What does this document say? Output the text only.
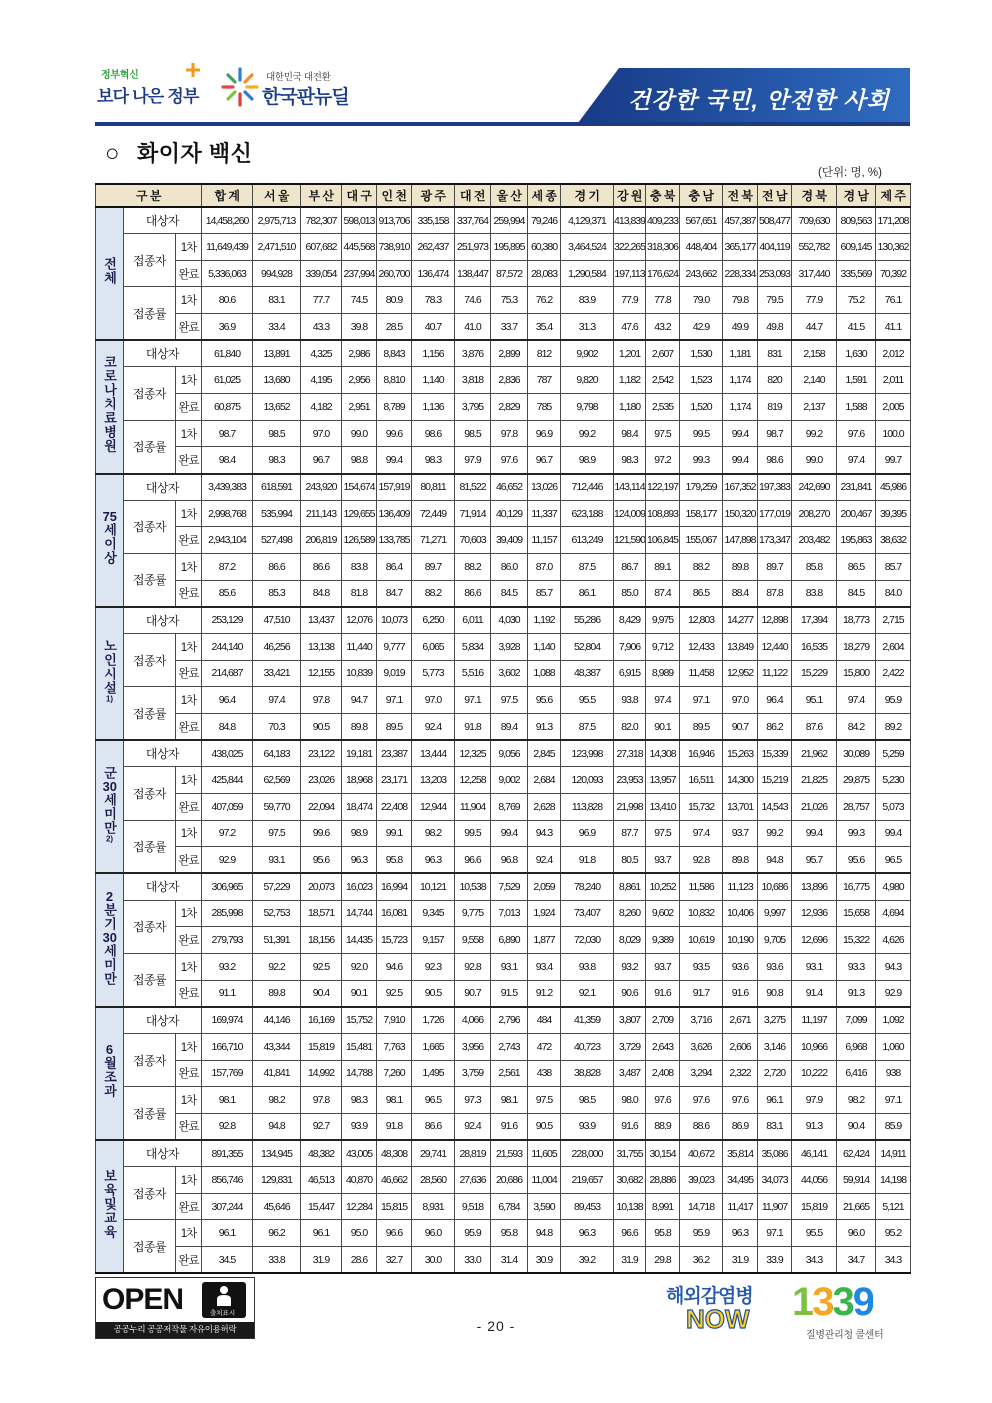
정부혁신
보다 나은 정부
대한민국 대전환
한국판뉴딜	건강한 국민, 안전한 사회
○ 화이자 백신
(단위: 명, %)
구 분			합 계	서 울	부 산	대 구	인 천	광 주	대 전	울 산	세 종	경 기	강 원	충 북	충 남	전 북	전 남	경 북	경 남	제 주
전체	대상자		14,458,260	2,975,713	782,307	598,013	913,706	335,158	337,764	259,994	79,246	4,129,371	413,839	409,233	567,651	457,387	508,477	709,630	809,563	171,208
	접종자	1차	11,649,439	2,471,510	607,682	445,568	738,910	262,437	251,973	195,895	60,380	3,464,524	322,265	318,306	448,404	365,177	404,119	552,782	609,145	130,362
		완료	5,336,063	994,928	339,054	237,994	260,700	136,474	138,447	87,572	28,083	1,290,584	197,113	176,624	243,662	228,334	253,093	317,440	335,569	70,392
	접종률	1차	80.6	83.1	77.7	74.5	80.9	78.3	74.6	75.3	76.2	83.9	77.9	77.8	79.0	79.8	79.5	77.9	75.2	76.1
		완료	36.9	33.4	43.3	39.8	28.5	40.7	41.0	33.7	35.4	31.3	47.6	43.2	42.9	49.9	49.8	44.7	41.5	41.1
코로나치료병원	대상자		61,840	13,891	4,325	2,986	8,843	1,156	3,876	2,899	812	9,902	1,201	2,607	1,530	1,181	831	2,158	1,630	2,012
	접종자	1차	61,025	13,680	4,195	2,956	8,810	1,140	3,818	2,836	787	9,820	1,182	2,542	1,523	1,174	820	2,140	1,591	2,011
		완료	60,875	13,652	4,182	2,951	8,789	1,136	3,795	2,829	785	9,798	1,180	2,535	1,520	1,174	819	2,137	1,588	2,005
	접종률	1차	98.7	98.5	97.0	99.0	99.6	98.6	98.5	97.8	96.9	99.2	98.4	97.5	99.5	99.4	98.7	99.2	97.6	100.0
		완료	98.4	98.3	96.7	98.8	99.4	98.3	97.9	97.6	96.7	98.9	98.3	97.2	99.3	99.4	98.6	99.0	97.4	99.7
75세이상	대상자		3,439,383	618,591	243,920	154,674	157,919	80,811	81,522	46,652	13,026	712,446	143,114	122,197	179,259	167,352	197,383	242,690	231,841	45,986
	접종자	1차	2,998,768	535,994	211,143	129,655	136,409	72,449	71,914	40,129	11,337	623,188	124,009	108,893	158,177	150,320	177,019	208,270	200,467	39,395
		완료	2,943,104	527,498	206,819	126,589	133,785	71,271	70,603	39,409	11,157	613,249	121,590	106,845	155,067	147,898	173,347	203,482	195,863	38,632
	접종률	1차	87.2	86.6	86.6	83.8	86.4	89.7	88.2	86.0	87.0	87.5	86.7	89.1	88.2	89.8	89.7	85.8	86.5	85.7
		완료	85.6	85.3	84.8	81.8	84.7	88.2	86.6	84.5	85.7	86.1	85.0	87.4	86.5	88.4	87.8	83.8	84.5	84.0
노인시설1)	대상자		253,129	47,510	13,437	12,076	10,073	6,250	6,011	4,030	1,192	55,286	8,429	9,975	12,803	14,277	12,898	17,394	18,773	2,715
	접종자	1차	244,140	46,256	13,138	11,440	9,777	6,065	5,834	3,928	1,140	52,804	7,906	9,712	12,433	13,849	12,440	16,535	18,279	2,604
		완료	214,687	33,421	12,155	10,839	9,019	5,773	5,516	3,602	1,088	48,387	6,915	8,989	11,458	12,952	11,122	15,229	15,800	2,422
	접종률	1차	96.4	97.4	97.8	94.7	97.1	97.0	97.1	97.5	95.6	95.5	93.8	97.4	97.1	97.0	96.4	95.1	97.4	95.9
		완료	84.8	70.3	90.5	89.8	89.5	92.4	91.8	89.4	91.3	87.5	82.0	90.1	89.5	90.7	86.2	87.6	84.2	89.2
군30세미만2)	대상자		438,025	64,183	23,122	19,181	23,387	13,444	12,325	9,056	2,845	123,998	27,318	14,308	16,946	15,263	15,339	21,962	30,089	5,259
	접종자	1차	425,844	62,569	23,026	18,968	23,171	13,203	12,258	9,002	2,684	120,093	23,953	13,957	16,511	14,300	15,219	21,825	29,875	5,230
		완료	407,059	59,770	22,094	18,474	22,408	12,944	11,904	8,769	2,628	113,828	21,998	13,410	15,732	13,701	14,543	21,026	28,757	5,073
	접종률	1차	97.2	97.5	99.6	98.9	99.1	98.2	99.5	99.4	94.3	96.9	87.7	97.5	97.4	93.7	99.2	99.4	99.3	99.4
		완료	92.9	93.1	95.6	96.3	95.8	96.3	96.6	96.8	92.4	91.8	80.5	93.7	92.8	89.8	94.8	95.7	95.6	96.5
2분기30세미만	대상자		306,965	57,229	20,073	16,023	16,994	10,121	10,538	7,529	2,059	78,240	8,861	10,252	11,586	11,123	10,686	13,896	16,775	4,980
	접종자	1차	285,998	52,753	18,571	14,744	16,081	9,345	9,775	7,013	1,924	73,407	8,260	9,602	10,832	10,406	9,997	12,936	15,658	4,694
		완료	279,793	51,391	18,156	14,435	15,723	9,157	9,558	6,890	1,877	72,030	8,029	9,389	10,619	10,190	9,705	12,696	15,322	4,626
	접종률	1차	93.2	92.2	92.5	92.0	94.6	92.3	92.8	93.1	93.4	93.8	93.2	93.7	93.5	93.6	93.6	93.1	93.3	94.3
		완료	91.1	89.8	90.4	90.1	92.5	90.5	90.7	91.5	91.2	92.1	90.6	91.6	91.7	91.6	90.8	91.4	91.3	92.9
6월조과	대상자		169,974	44,146	16,169	15,752	7,910	1,726	4,066	2,796	484	41,359	3,807	2,709	3,716	2,671	3,275	11,197	7,099	1,092
	접종자	1차	166,710	43,344	15,819	15,481	7,763	1,665	3,956	2,743	472	40,723	3,729	2,643	3,626	2,606	3,146	10,966	6,968	1,060
		완료	157,769	41,841	14,992	14,788	7,260	1,495	3,759	2,561	438	38,828	3,487	2,408	3,294	2,322	2,720	10,222	6,416	938
	접종률	1차	98.1	98.2	97.8	98.3	98.1	96.5	97.3	98.1	97.5	98.5	98.0	97.6	97.6	97.6	96.1	97.9	98.2	97.1
		완료	92.8	94.8	92.7	93.9	91.8	86.6	92.4	91.6	90.5	93.9	91.6	88.9	88.6	86.9	83.1	91.3	90.4	85.9
보육및교육	대상자		891,355	134,945	48,382	43,005	48,308	29,741	28,819	21,593	11,605	228,000	31,755	30,154	40,672	35,814	35,086	46,141	62,424	14,911
	접종자	1차	856,746	129,831	46,513	40,870	46,662	28,560	27,636	20,686	11,004	219,657	30,682	28,886	39,023	34,495	34,073	44,056	59,914	14,198
		완료	307,244	45,646	15,447	12,284	15,815	8,931	9,518	6,784	3,590	89,453	10,138	8,991	14,718	11,417	11,907	15,819	21,665	5,121
	접종률	1차	96.1	96.2	96.1	95.0	96.6	96.0	95.9	95.8	94.8	96.3	96.6	95.8	95.9	96.3	97.1	95.5	96.0	95.2
		완료	34.5	33.8	31.9	28.6	32.7	30.0	33.0	31.4	30.9	39.2	31.9	29.8	36.2	31.9	33.9	34.3	34.7	34.3
OPEN	출처표시
공공누리 공공저작물 자유이용허락	- 20 -
해외감염병
NOW 1339
질병관리청 콜센터
